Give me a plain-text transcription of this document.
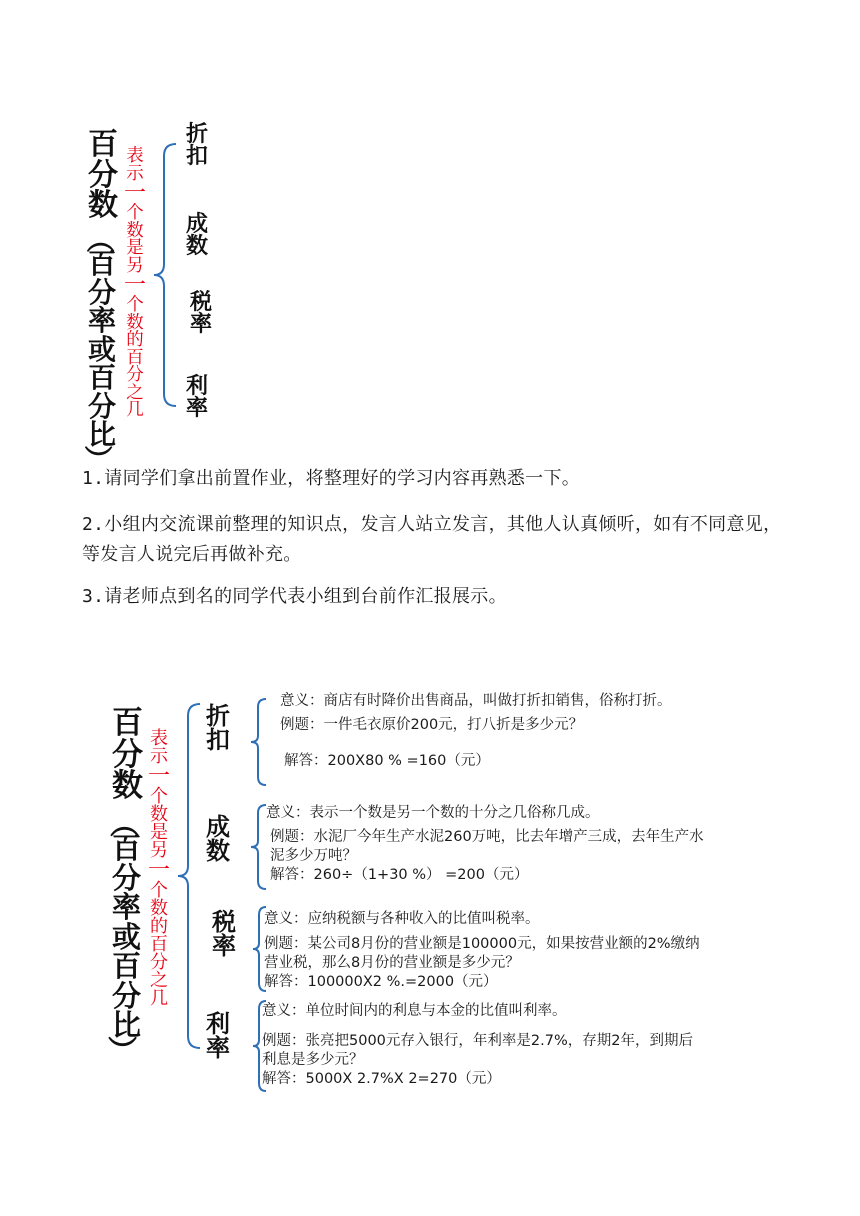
百
分
数
（
百
分
率
或
百
分
比
）
表
示
一
个
数
是
另
一
个
数
的
百
分
之
几
折
扣
成
数
税
率
利
率
1.请同学们拿出前置作业，将整理好的学习内容再熟悉一下。
2.小组内交流课前整理的知识点，发言人站立发言，其他人认真倾听，如有不同意见，等发言人说完后再做补充。
3.请老师点到名的同学代表小组到台前作汇报展示。
百
分
数
（
百
分
率
或
百
分
比
）
表
示
一
个
数
是
另
一
个
数
的
百
分
之
几
折
扣
意义：商店有时降价出售商品，叫做打折扣销售，俗称打折。
例题：一件毛衣原价200元，打八折是多少元？
解答：200X80 % =160（元）
成
数
意义：表示一个数是另一个数的十分之几俗称几成。
例题：水泥厂今年生产水泥260万吨，比去年增产三成，去年生产水泥多少万吨？
解答：260÷（1+30 %） =200（元）
税
率
意义：应纳税额与各种收入的比值叫税率。
例题：某公司8月份的营业额是100000元，如果按营业额的2%缴纳营业税，那么8月份的营业额是多少元？
解答：100000X2 %.=2000（元）
利
率
意义：单位时间内的利息与本金的比值叫利率。
例题：张亮把5000元存入银行，年利率是2.7%，存期2年，到期后利息是多少元？
解答：5000X 2.7%X 2=270（元）
